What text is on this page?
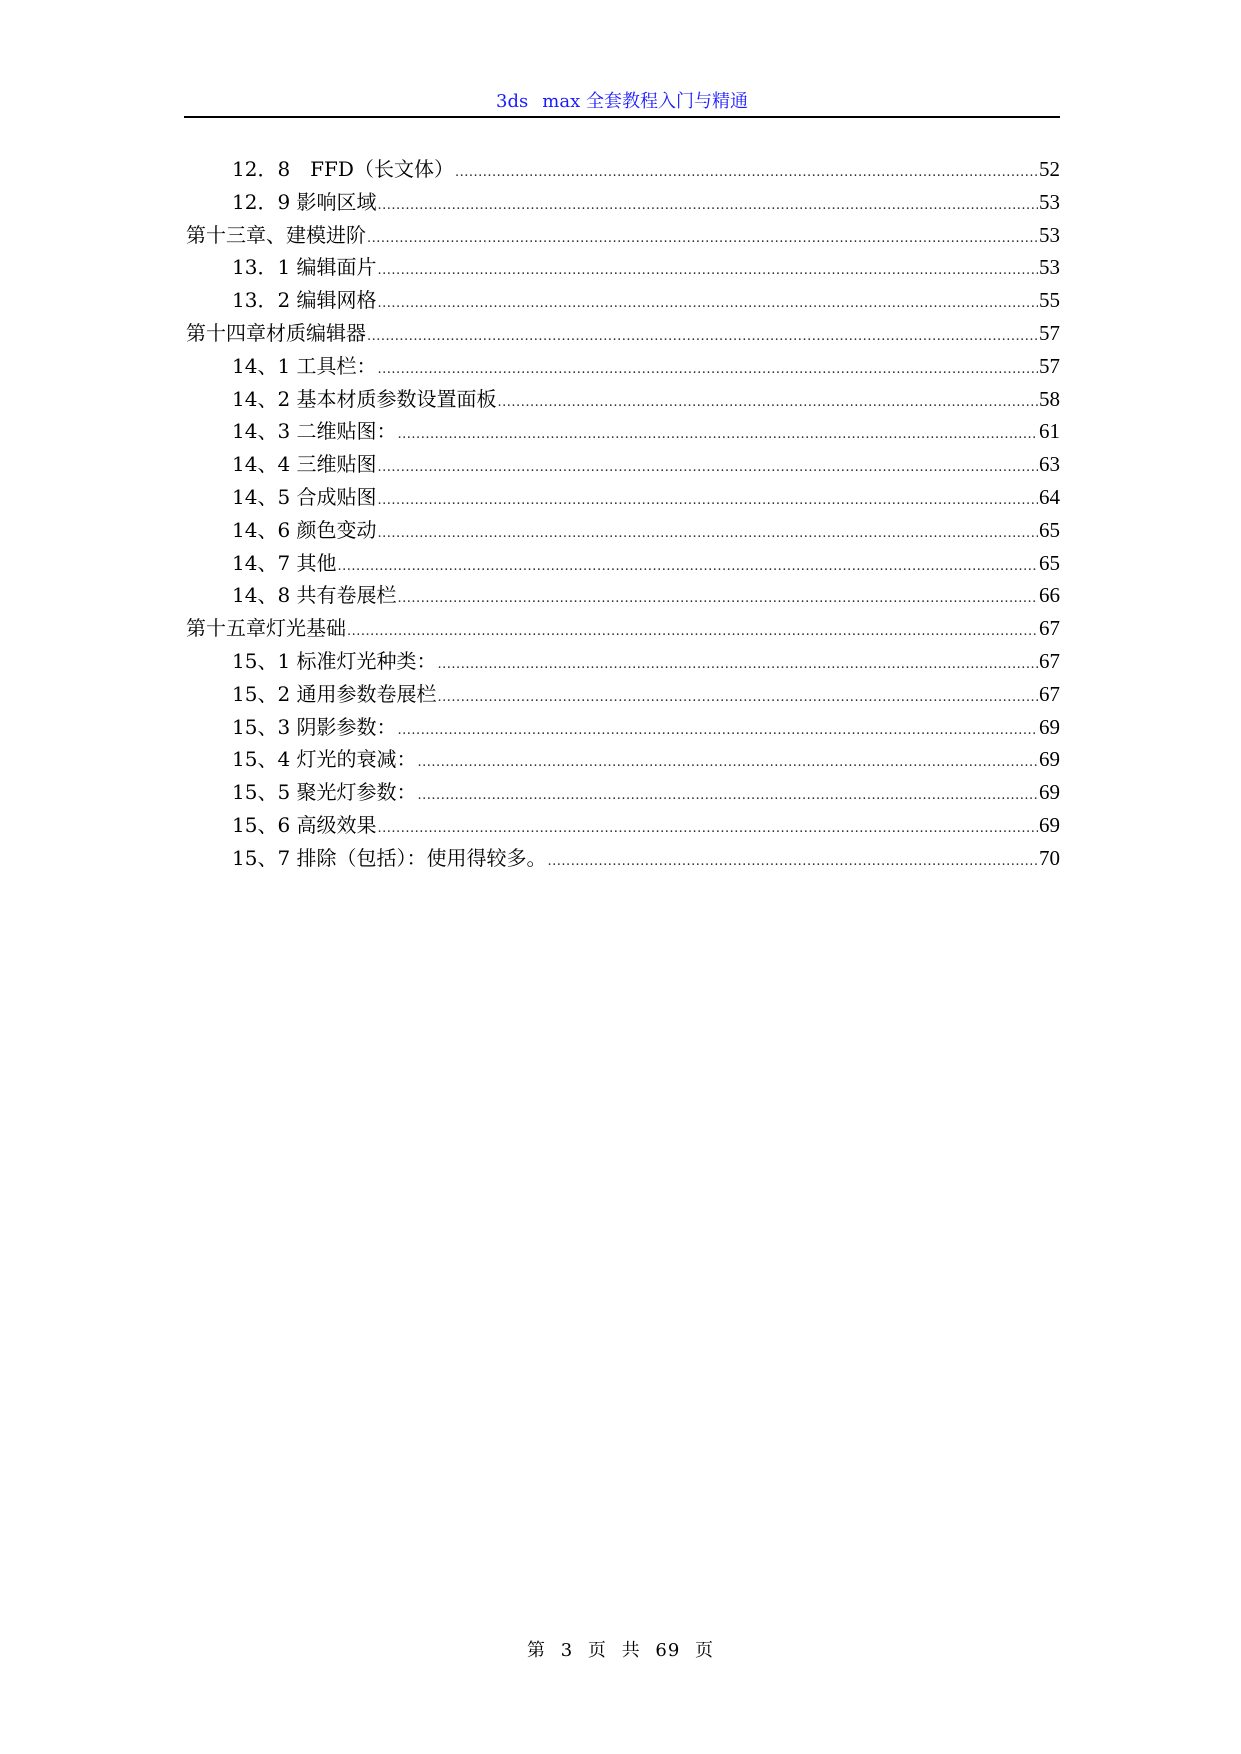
3ds max 全套教程入门与精通
12．8　FFD（长文体） .....	52
12．9 影响区域 .....	53
第十三章、建模进阶 .....	53
13．1 编辑面片 .....	53
13．2 编辑网格 .....	55
第十四章材质编辑器 .....	57
14、1 工具栏： .....	57
14、2 基本材质参数设置面板 .....	58
14、3 二维贴图： .....	61
14、4 三维贴图 .....	63
14、5 合成贴图 .....	64
14、6 颜色变动 .....	65
14、7 其他 .....	65
14、8 共有卷展栏 .....	66
第十五章灯光基础 .....	67
15、1 标准灯光种类： .....	67
15、2 通用参数卷展栏 .....	67
15、3 阴影参数： .....	69
15、4 灯光的衰减： .....	69
15、5 聚光灯参数： .....	69
15、6 高级效果 .....	69
15、7 排除（包括）：使用得较多。 .....	70
第 3 页 共 69 页
